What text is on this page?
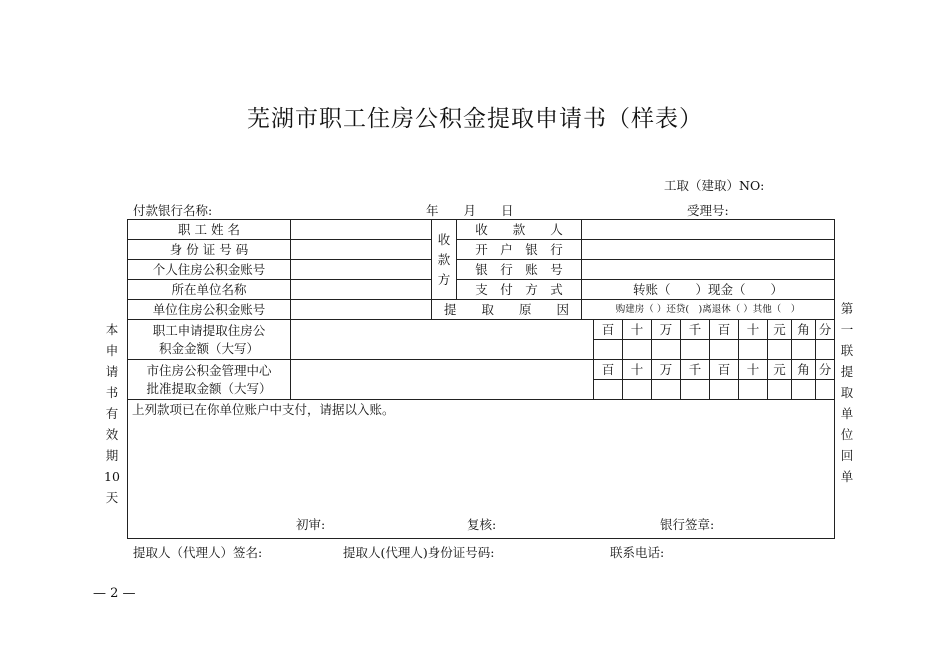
芜湖市职工住房公积金提取申请书（样表）
工取（建取）NO:
付款银行名称:	年　　月　　日	受理号:
本
申
请
书
有
效
期
10
天
第
一
联
提
取
单
位
回
单
职 工 姓 名		收款方	收　　款　　人										
身 份 证 号 码			开　户　银　行										
个人住房公积金账号			银　行　账　号										
所在单位名称			支　付　方　式	转账（　　）现金（　　）									
单位住房公积金账号		提　　取　　原　　因		购建房（ ）还贷(　)离退休（ ）其他（　）									
职工申请提取住房公积金金额（大写）					百	十	万	千	百	十	元	角	分

市住房公积金管理中心批准提取金额（大写）					百	十	万	千	百	十	元	角	分

上列款项已在你单位账户中支付，请据以入账。
初审: 复核: 银行签章:													
提取人（代理人）签名:	提取人(代理人)身份证号码:	联系电话:
— 2 —
